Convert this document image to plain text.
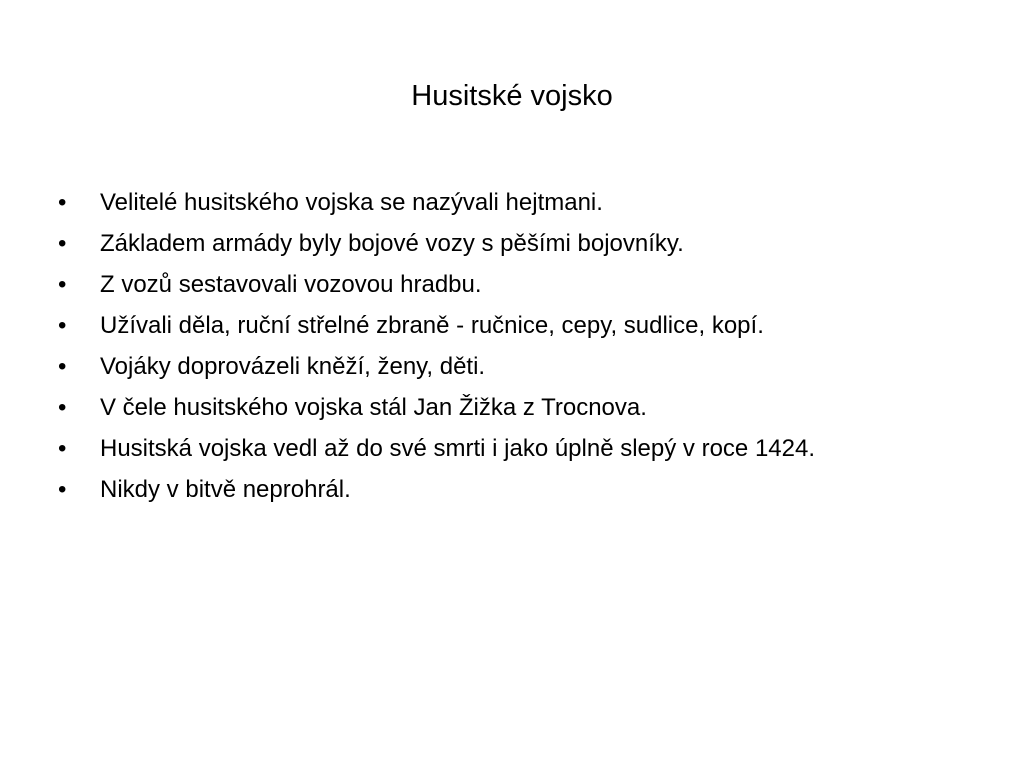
Husitské vojsko
•	Velitelé husitského vojska se nazývali hejtmani.
•	Základem armády byly bojové vozy s pěšími bojovníky.
•	Z vozů sestavovali vozovou hradbu.
•	Užívali děla, ruční střelné zbraně - ručnice, cepy, sudlice, kopí.
•	Vojáky doprovázeli kněží, ženy, děti.
•	V čele husitského vojska stál Jan Žižka z Trocnova.
•	Husitská vojska vedl až do své smrti i jako úplně slepý v roce 1424.
•	Nikdy v bitvě neprohrál.
